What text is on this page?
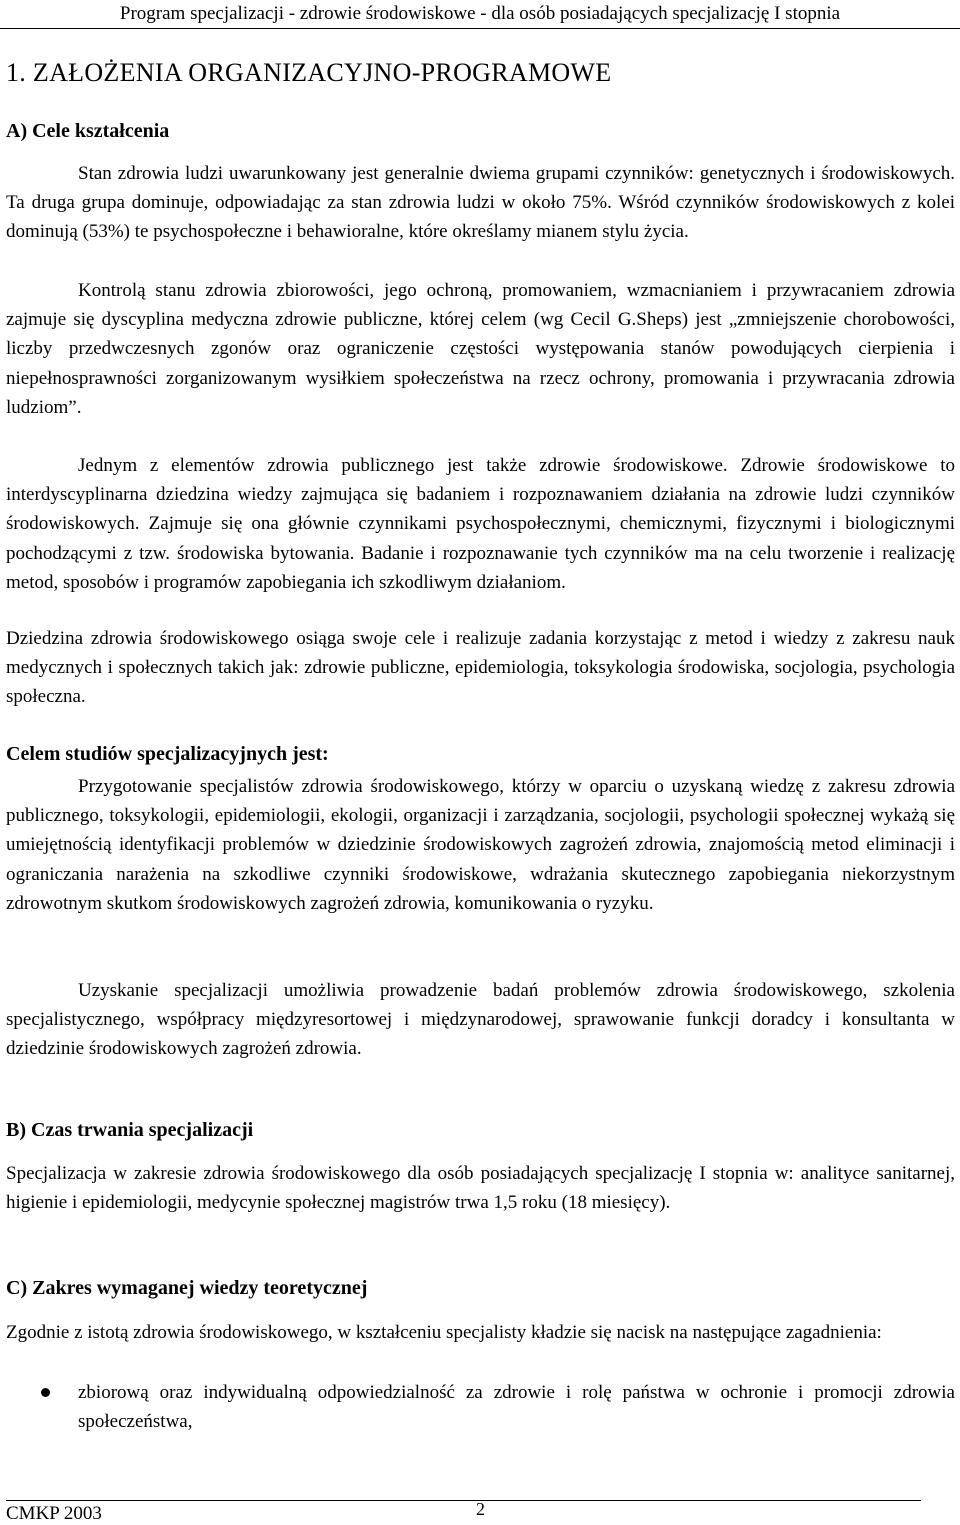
Program specjalizacji - zdrowie środowiskowe - dla osób posiadających specjalizację I stopnia
1. ZAŁOŻENIA ORGANIZACYJNO-PROGRAMOWE
A) Cele kształcenia

Stan zdrowia ludzi uwarunkowany jest generalnie dwiema grupami czynników: genetycznych i środowiskowych. Ta druga grupa dominuje, odpowiadając za stan zdrowia ludzi w około 75%. Wśród czynników środowiskowych z kolei dominują (53%) te psychospołeczne i behawioralne, które określamy mianem stylu życia.

Kontrolą stanu zdrowia zbiorowości, jego ochroną, promowaniem, wzmacnianiem i przywracaniem zdrowia zajmuje się dyscyplina medyczna zdrowie publiczne, której celem (wg Cecil G.Sheps) jest „zmniejszenie chorobowości, liczby przedwczesnych zgonów oraz ograniczenie częstości występowania stanów powodujących cierpienia i niepełnosprawności zorganizowanym wysiłkiem społeczeństwa na rzecz ochrony, promowania i przywracania zdrowia ludziom”.

Jednym z elementów zdrowia publicznego jest także zdrowie środowiskowe. Zdrowie środowiskowe to interdyscyplinarna dziedzina wiedzy zajmująca się badaniem i rozpoznawaniem działania na zdrowie ludzi czynników środowiskowych. Zajmuje się ona głównie czynnikami psychospołecznymi, chemicznymi, fizycznymi i biologicznymi pochodzącymi z tzw. środowiska bytowania. Badanie i rozpoznawanie tych czynników ma na celu tworzenie i realizację metod, sposobów i programów zapobiegania ich szkodliwym działaniom.

Dziedzina zdrowia środowiskowego osiąga swoje cele i realizuje zadania korzystając z metod i wiedzy z zakresu nauk medycznych i społecznych takich jak: zdrowie publiczne, epidemiologia, toksykologia środowiska, socjologia, psychologia społeczna.

Celem studiów specjalizacyjnych jest:

Przygotowanie specjalistów zdrowia środowiskowego, którzy w oparciu o uzyskaną wiedzę z zakresu zdrowia publicznego, toksykologii, epidemiologii, ekologii, organizacji i zarządzania, socjologii, psychologii społecznej wykażą się umiejętnością identyfikacji problemów w dziedzinie środowiskowych zagrożeń zdrowia, znajomością metod eliminacji i ograniczania narażenia na szkodliwe czynniki środowiskowe, wdrażania skutecznego zapobiegania niekorzystnym zdrowotnym skutkom środowiskowych zagrożeń zdrowia, komunikowania o ryzyku.

Uzyskanie specjalizacji umożliwia prowadzenie badań problemów zdrowia środowiskowego, szkolenia specjalistycznego, współpracy międzyresortowej i międzynarodowej, sprawowanie funkcji doradcy i konsultanta w dziedzinie środowiskowych zagrożeń zdrowia.

B) Czas trwania specjalizacji

Specjalizacja w zakresie zdrowia środowiskowego dla osób posiadających specjalizację I stopnia w: analityce sanitarnej, higienie i epidemiologii, medycynie społecznej magistrów trwa 1,5 roku (18 miesięcy).

C) Zakres wymaganej wiedzy teoretycznej

Zgodnie z istotą zdrowia środowiskowego, w kształceniu specjalisty kładzie się nacisk na następujące zagadnienia:

zbiorową oraz indywidualną odpowiedzialność za zdrowie i rolę państwa w ochronie i promocji zdrowia społeczeństwa,

CMKP 2003	2
